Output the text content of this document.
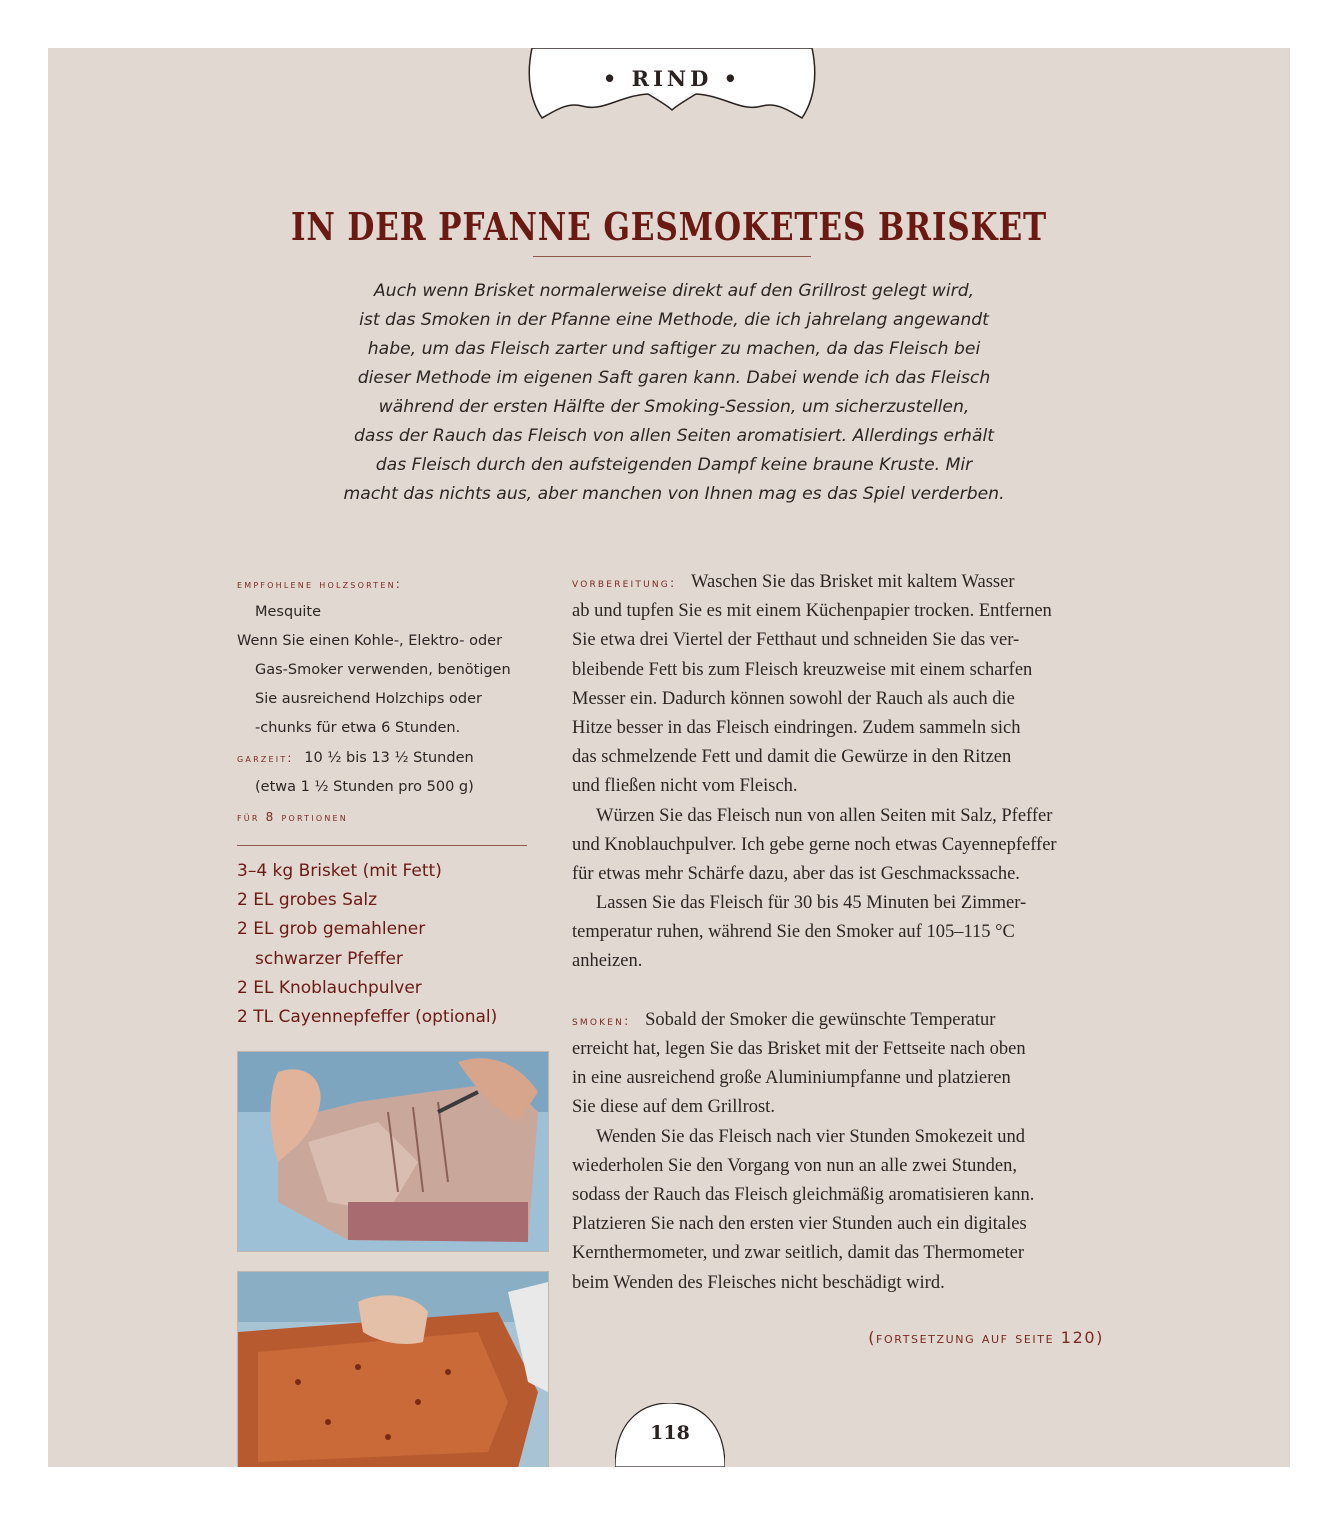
• RIND •
IN DER PFANNE GESMOKETES BRISKET
Auch wenn Brisket normalerweise direkt auf den Grillrost gelegt wird,
ist das Smoken in der Pfanne eine Methode, die ich jahrelang angewandt
habe, um das Fleisch zarter und saftiger zu machen, da das Fleisch bei
dieser Methode im eigenen Saft garen kann. Dabei wende ich das Fleisch
während der ersten Hälfte der Smoking-Session, um sicherzustellen,
dass der Rauch das Fleisch von allen Seiten aromatisiert. Allerdings erhält
das Fleisch durch den aufsteigenden Dampf keine braune Kruste. Mir
macht das nichts aus, aber manchen von Ihnen mag es das Spiel verderben.
empfohlene holzsorten:
Mesquite
Wenn Sie einen Kohle-, Elektro- oder
Gas-Smoker verwenden, benötigen
Sie ausreichend Holzchips oder
-chunks für etwa 6 Stunden.
garzeit: 10 ½ bis 13 ½ Stunden
(etwa 1 ½ Stunden pro 500 g)
für 8 portionen
3–4 kg Brisket (mit Fett)
2 EL grobes Salz
2 EL grob gemahlener
schwarzer Pfeffer
2 EL Knoblauchpulver
2 TL Cayennepfeffer (optional)
vorbereitung: Waschen Sie das Brisket mit kaltem Wasser
ab und tupfen Sie es mit einem Küchenpapier trocken. Entfernen
Sie etwa drei Viertel der Fetthaut und schneiden Sie das ver-
bleibende Fett bis zum Fleisch kreuzweise mit einem scharfen
Messer ein. Dadurch können sowohl der Rauch als auch die
Hitze besser in das Fleisch eindringen. Zudem sammeln sich
das schmelzende Fett und damit die Gewürze in den Ritzen
und fließen nicht vom Fleisch.
Würzen Sie das Fleisch nun von allen Seiten mit Salz, Pfeffer
und Knoblauchpulver. Ich gebe gerne noch etwas Cayennepfeffer
für etwas mehr Schärfe dazu, aber das ist Geschmackssache.
Lassen Sie das Fleisch für 30 bis 45 Minuten bei Zimmer-
temperatur ruhen, während Sie den Smoker auf 105–115 °C
anheizen.
smoken: Sobald der Smoker die gewünschte Temperatur
erreicht hat, legen Sie das Brisket mit der Fettseite nach oben
in eine ausreichend große Aluminiumpfanne und platzieren
Sie diese auf dem Grillrost.
Wenden Sie das Fleisch nach vier Stunden Smokezeit und
wiederholen Sie den Vorgang von nun an alle zwei Stunden,
sodass der Rauch das Fleisch gleichmäßig aromatisieren kann.
Platzieren Sie nach den ersten vier Stunden auch ein digitales
Kernthermometer, und zwar seitlich, damit das Thermometer
beim Wenden des Fleisches nicht beschädigt wird.
(fortsetzung auf seite 120)
118
